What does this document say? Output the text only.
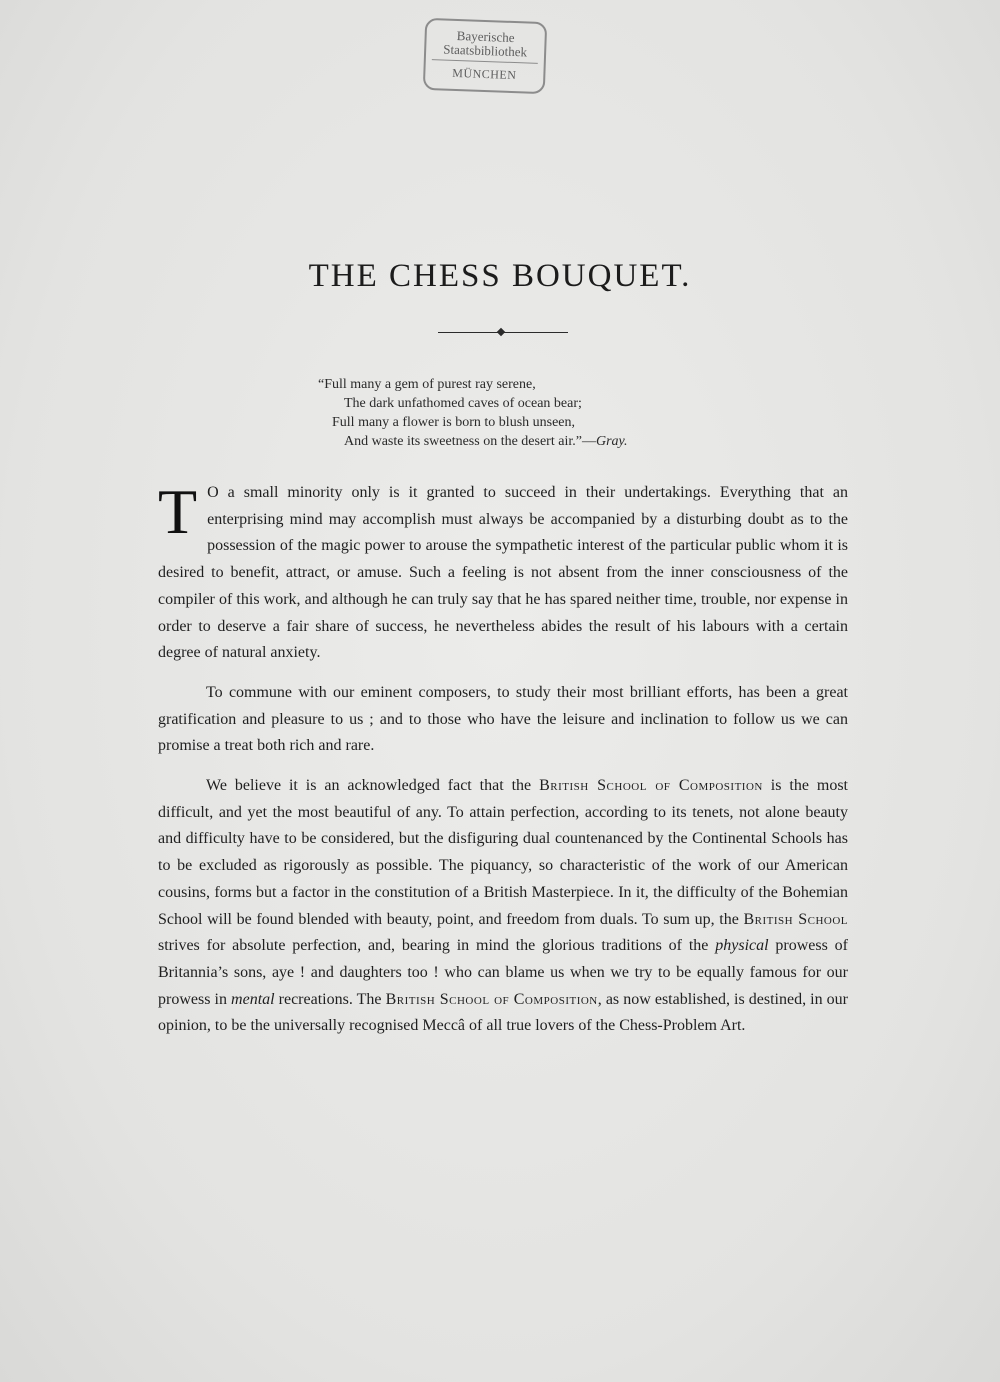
Bayerische
Staatsbibliothek
MÜNCHEN
THE CHESS BOUQUET.
“Full many a gem of purest ray serene,
The dark unfathomed caves of ocean bear;
Full many a flower is born to blush unseen,
And waste its sweetness on the desert air.”—Gray.

T O a small minority only is it granted to succeed in their undertakings. Everything that an enterprising mind may accomplish must always be accompanied by a disturbing doubt as to the possession of the magic power to arouse the sympathetic interest of the particular public whom it is desired to benefit, attract, or amuse. Such a feeling is not absent from the inner consciousness of the compiler of this work, and although he can truly say that he has spared neither time, trouble, nor expense in order to deserve a fair share of success, he nevertheless abides the result of his labours with a certain degree of natural anxiety.

To commune with our eminent composers, to study their most brilliant efforts, has been a great gratification and pleasure to us ; and to those who have the leisure and inclination to follow us we can promise a treat both rich and rare.

We believe it is an acknowledged fact that the British School of Composition is the most difficult, and yet the most beautiful of any. To attain perfection, according to its tenets, not alone beauty and difficulty have to be considered, but the disfiguring dual countenanced by the Continental Schools has to be excluded as rigorously as possible. The piquancy, so characteristic of the work of our American cousins, forms but a factor in the constitution of a British Masterpiece. In it, the difficulty of the Bohemian School will be found blended with beauty, point, and freedom from duals. To sum up, the British School strives for absolute perfection, and, bearing in mind the glorious traditions of the physical prowess of Britannia’s sons, aye ! and daughters too ! who can blame us when we try to be equally famous for our prowess in mental recreations. The British School of Composition, as now established, is destined, in our opinion, to be the universally recognised Meccâ of all true lovers of the Chess-Problem Art.
